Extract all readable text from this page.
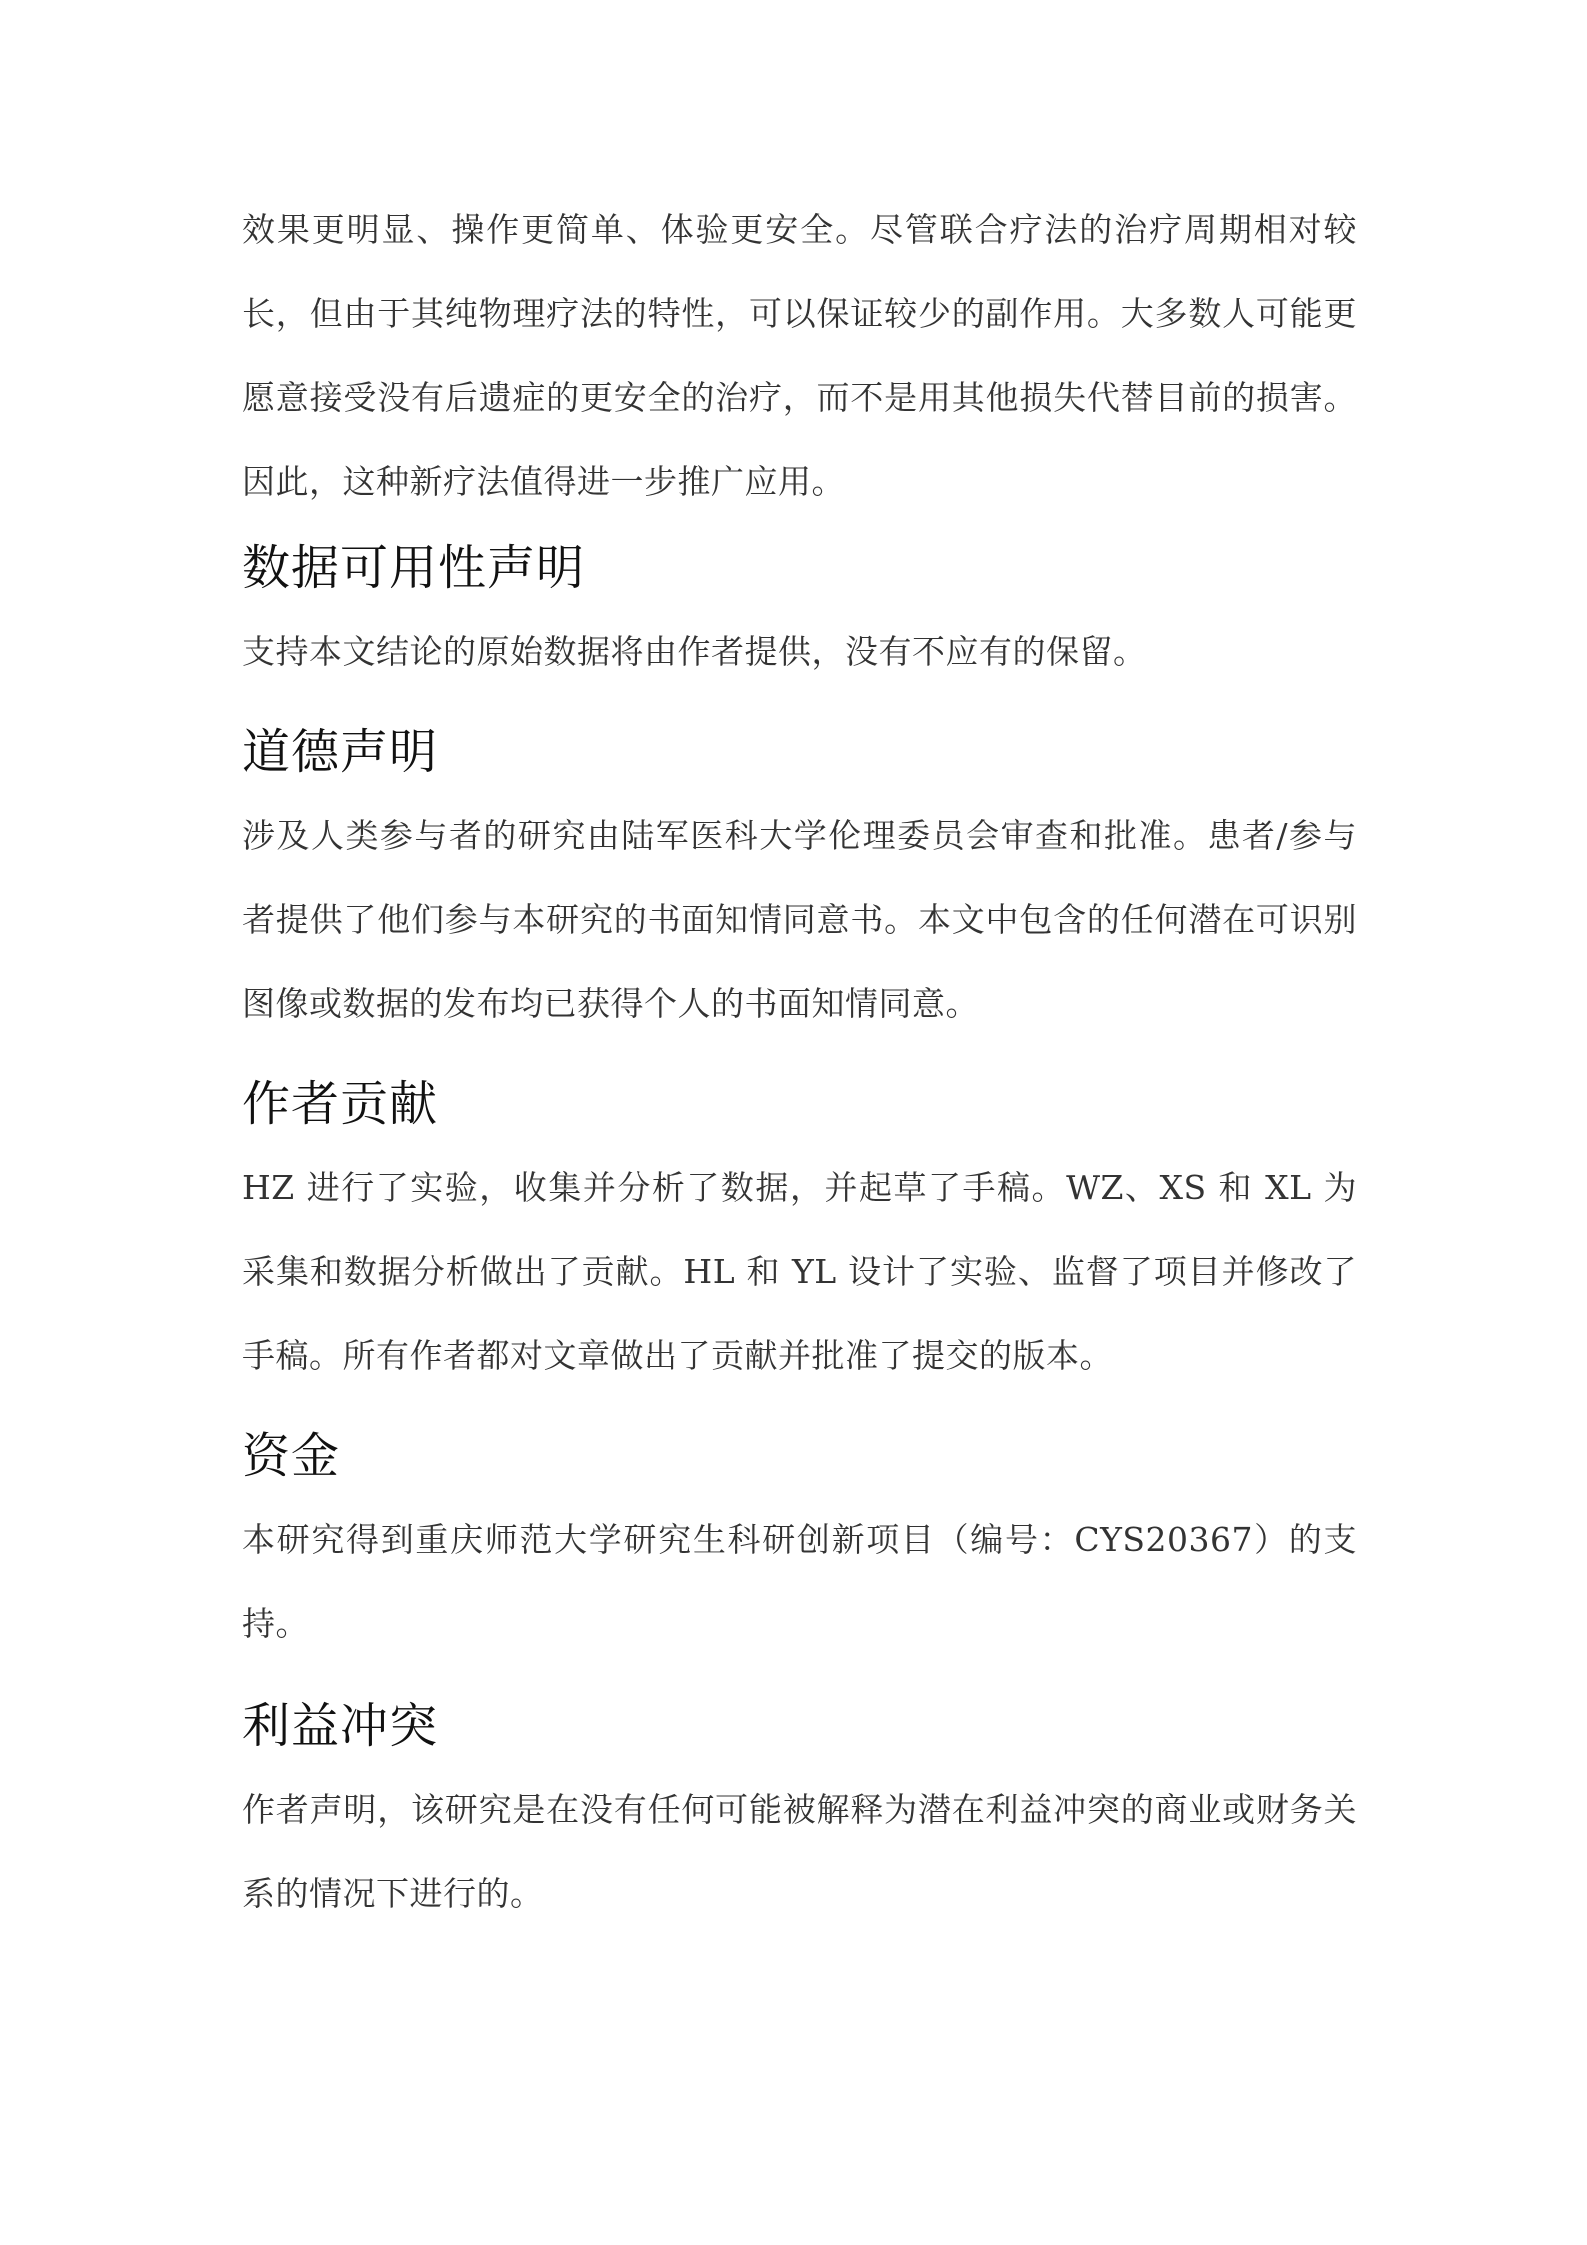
效果更明显、操作更简单、体验更安全。尽管联合疗法的治疗周期相对较长，但由于其纯物理疗法的特性，可以保证较少的副作用。大多数人可能更愿意接受没有后遗症的更安全的治疗，而不是用其他损失代替目前的损害。因此，这种新疗法值得进一步推广应用。

数据可用性声明

支持本文结论的原始数据将由作者提供，没有不应有的保留。

道德声明

涉及人类参与者的研究由陆军医科大学伦理委员会审查和批准。患者/参与者提供了他们参与本研究的书面知情同意书。本文中包含的任何潜在可识别图像或数据的发布均已获得个人的书面知情同意。

作者贡献

HZ 进行了实验，收集并分析了数据，并起草了手稿。WZ、XS 和 XL 为采集和数据分析做出了贡献。HL 和 YL 设计了实验、监督了项目并修改了手稿。所有作者都对文章做出了贡献并批准了提交的版本。

资金

本研究得到重庆师范大学研究生科研创新项目（编号：CYS20367）的支持。

利益冲突

作者声明，该研究是在没有任何可能被解释为潜在利益冲突的商业或财务关系的情况下进行的。
